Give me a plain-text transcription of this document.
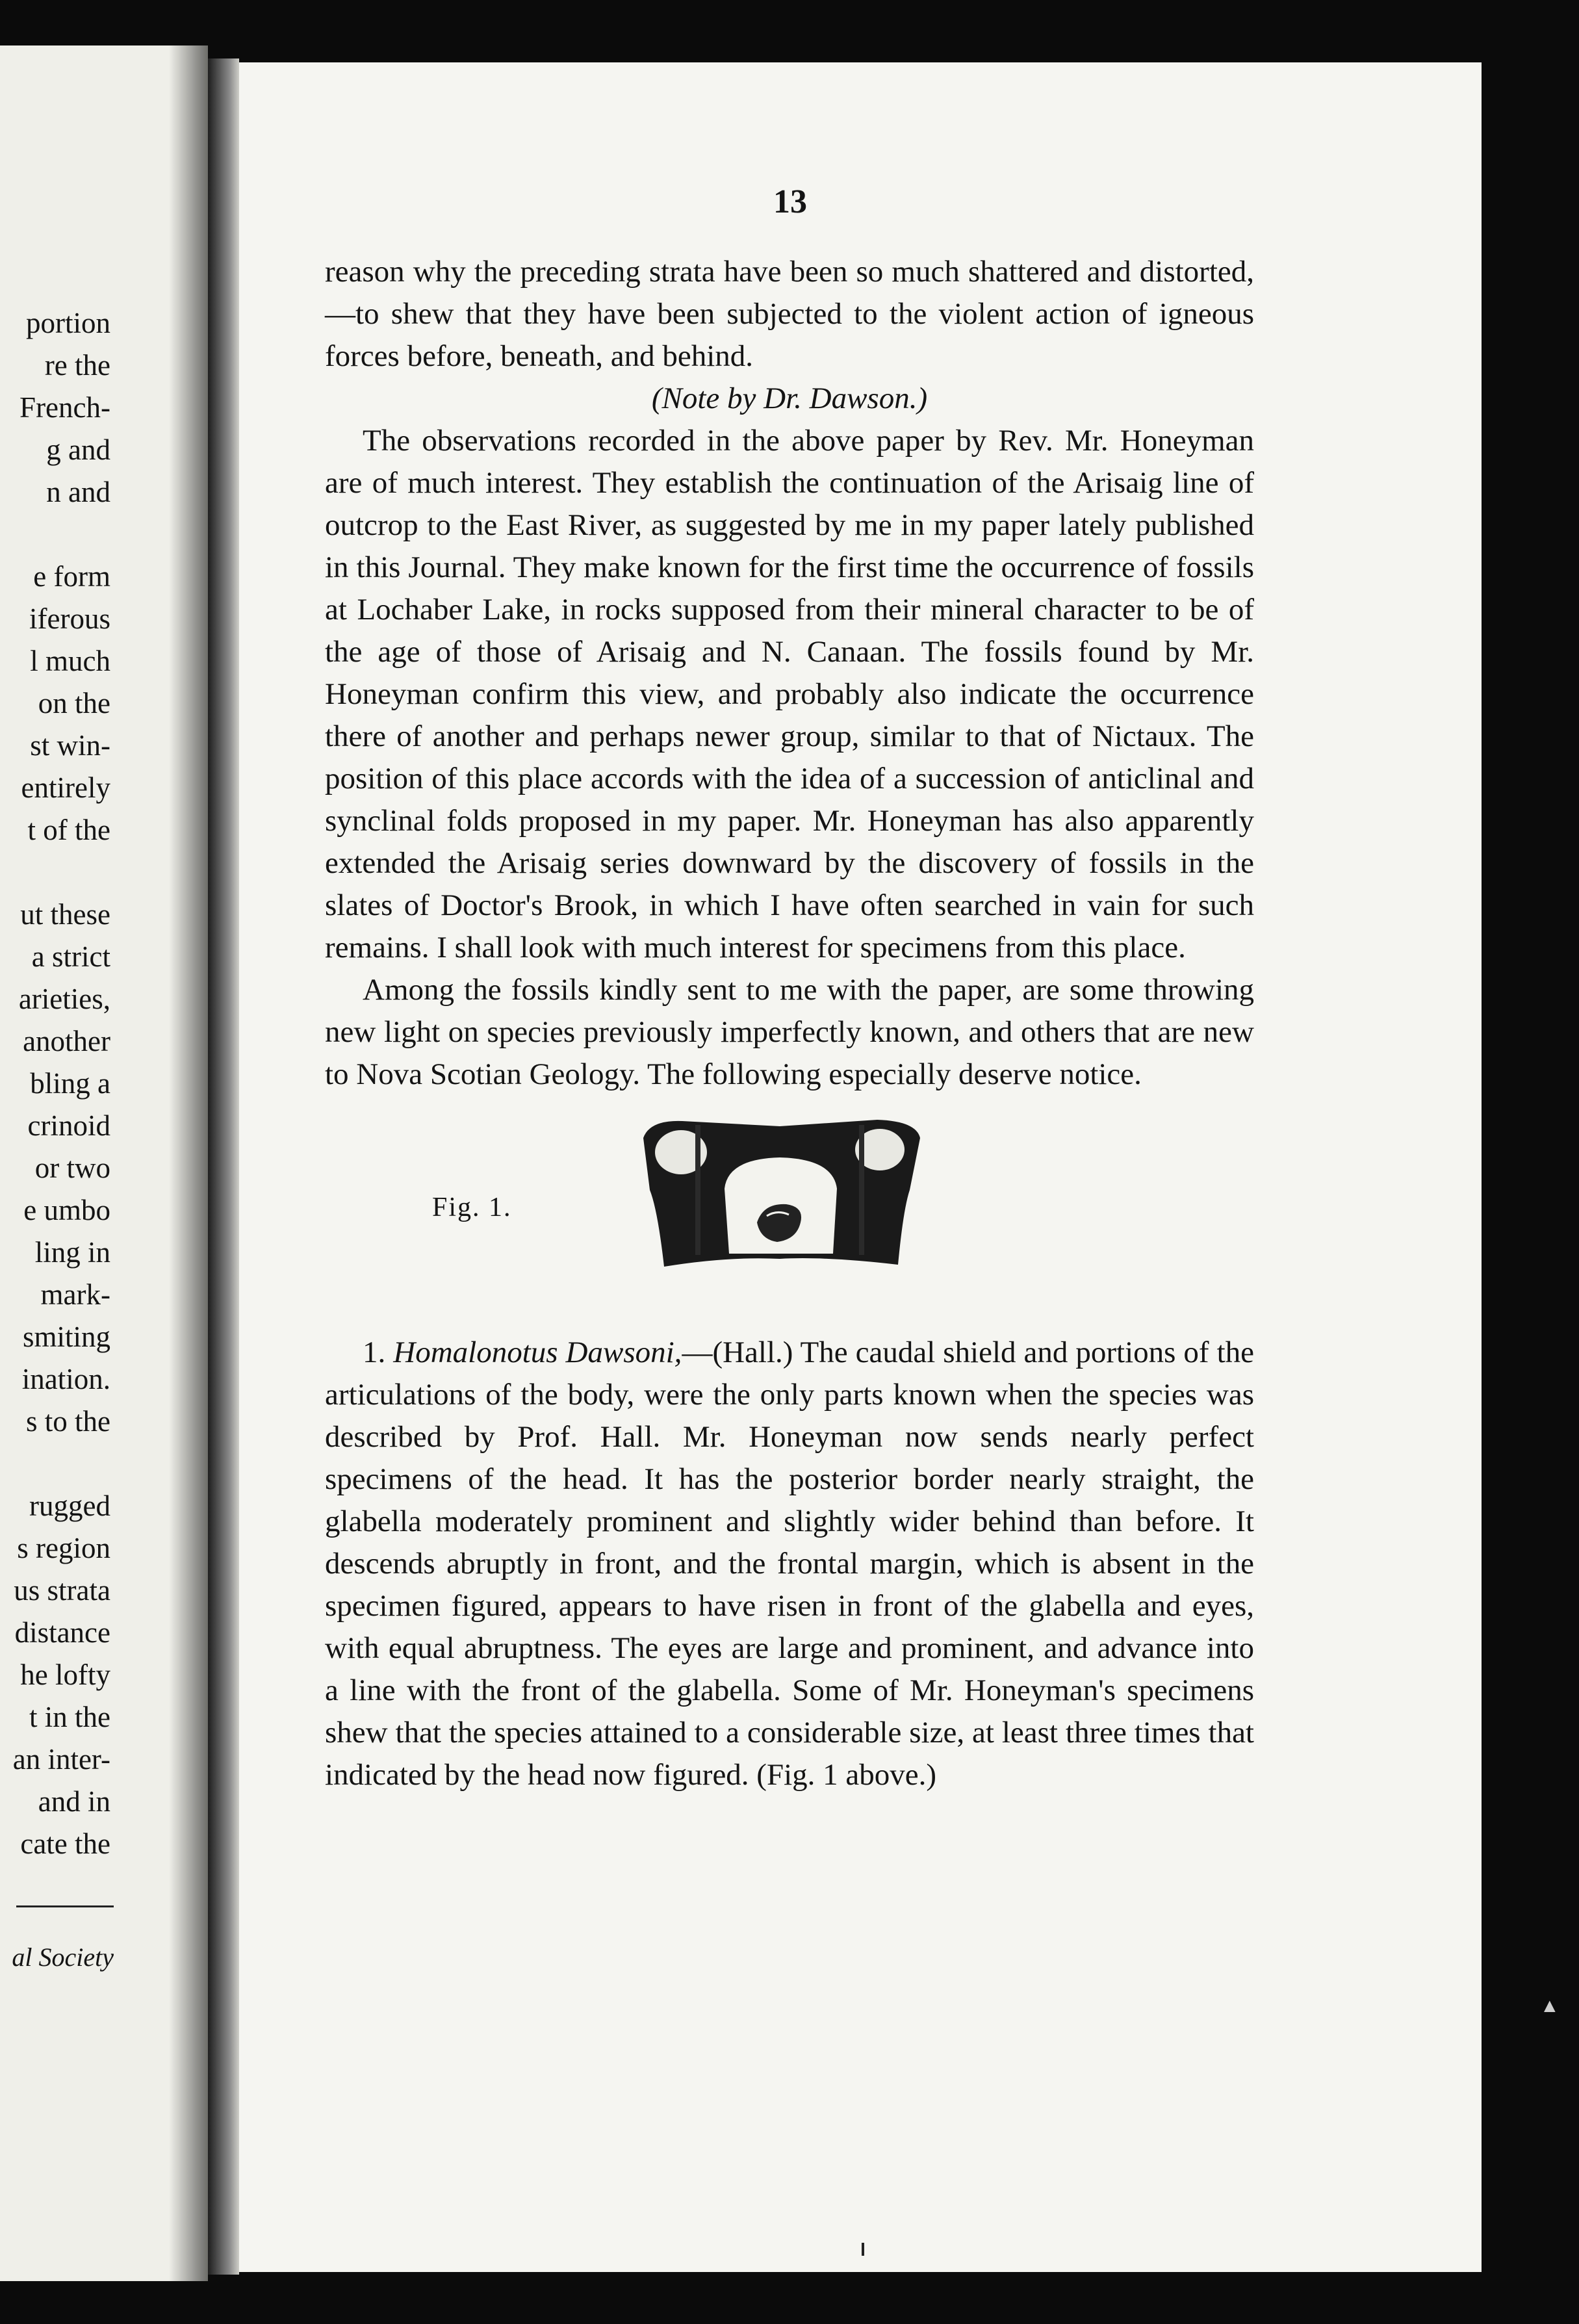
portion
re the
French-
g and
n and
e form
iferous
l much
on the
st win-
entirely
t of the
ut these
a strict
arieties,
another
bling a
crinoid
or two
e umbo
ling in
mark-
smiting
ination.
s to the
rugged
s region
us strata
distance
he lofty
t in the
an inter-
and in
cate the
al Society
13

reason why the preceding strata have been so much shattered and distorted,—to shew that they have been subjected to the violent action of igneous forces before, beneath, and behind.

(Note by Dr. Dawson.)

The observations recorded in the above paper by Rev. Mr. Honeyman are of much interest. They establish the continuation of the Arisaig line of outcrop to the East River, as suggested by me in my paper lately published in this Journal. They make known for the first time the occurrence of fossils at Lochaber Lake, in rocks supposed from their mineral character to be of the age of those of Arisaig and N. Canaan. The fossils found by Mr. Honeyman confirm this view, and probably also indicate the occurrence there of another and perhaps newer group, similar to that of Nictaux. The position of this place accords with the idea of a succession of anticlinal and synclinal folds proposed in my paper. Mr. Honeyman has also apparently extended the Arisaig series downward by the discovery of fossils in the slates of Doctor's Brook, in which I have often searched in vain for such remains. I shall look with much interest for specimens from this place.

Among the fossils kindly sent to me with the paper, are some throwing new light on species previously imperfectly known, and others that are new to Nova Scotian Geology. The following especially deserve notice.

Fig. 1.

1. Homalonotus Dawsoni,—(Hall.) The caudal shield and portions of the articulations of the body, were the only parts known when the species was described by Prof. Hall. Mr. Honeyman now sends nearly perfect specimens of the head. It has the posterior border nearly straight, the glabella moderately prominent and slightly wider behind than before. It descends abruptly in front, and the frontal margin, which is absent in the specimen figured, appears to have risen in front of the glabella and eyes, with equal abruptness. The eyes are large and prominent, and advance into a line with the front of the glabella. Some of Mr. Honeyman's specimens shew that the species attained to a considerable size, at least three times that indicated by the head now figured. (Fig. 1 above.)

▲
